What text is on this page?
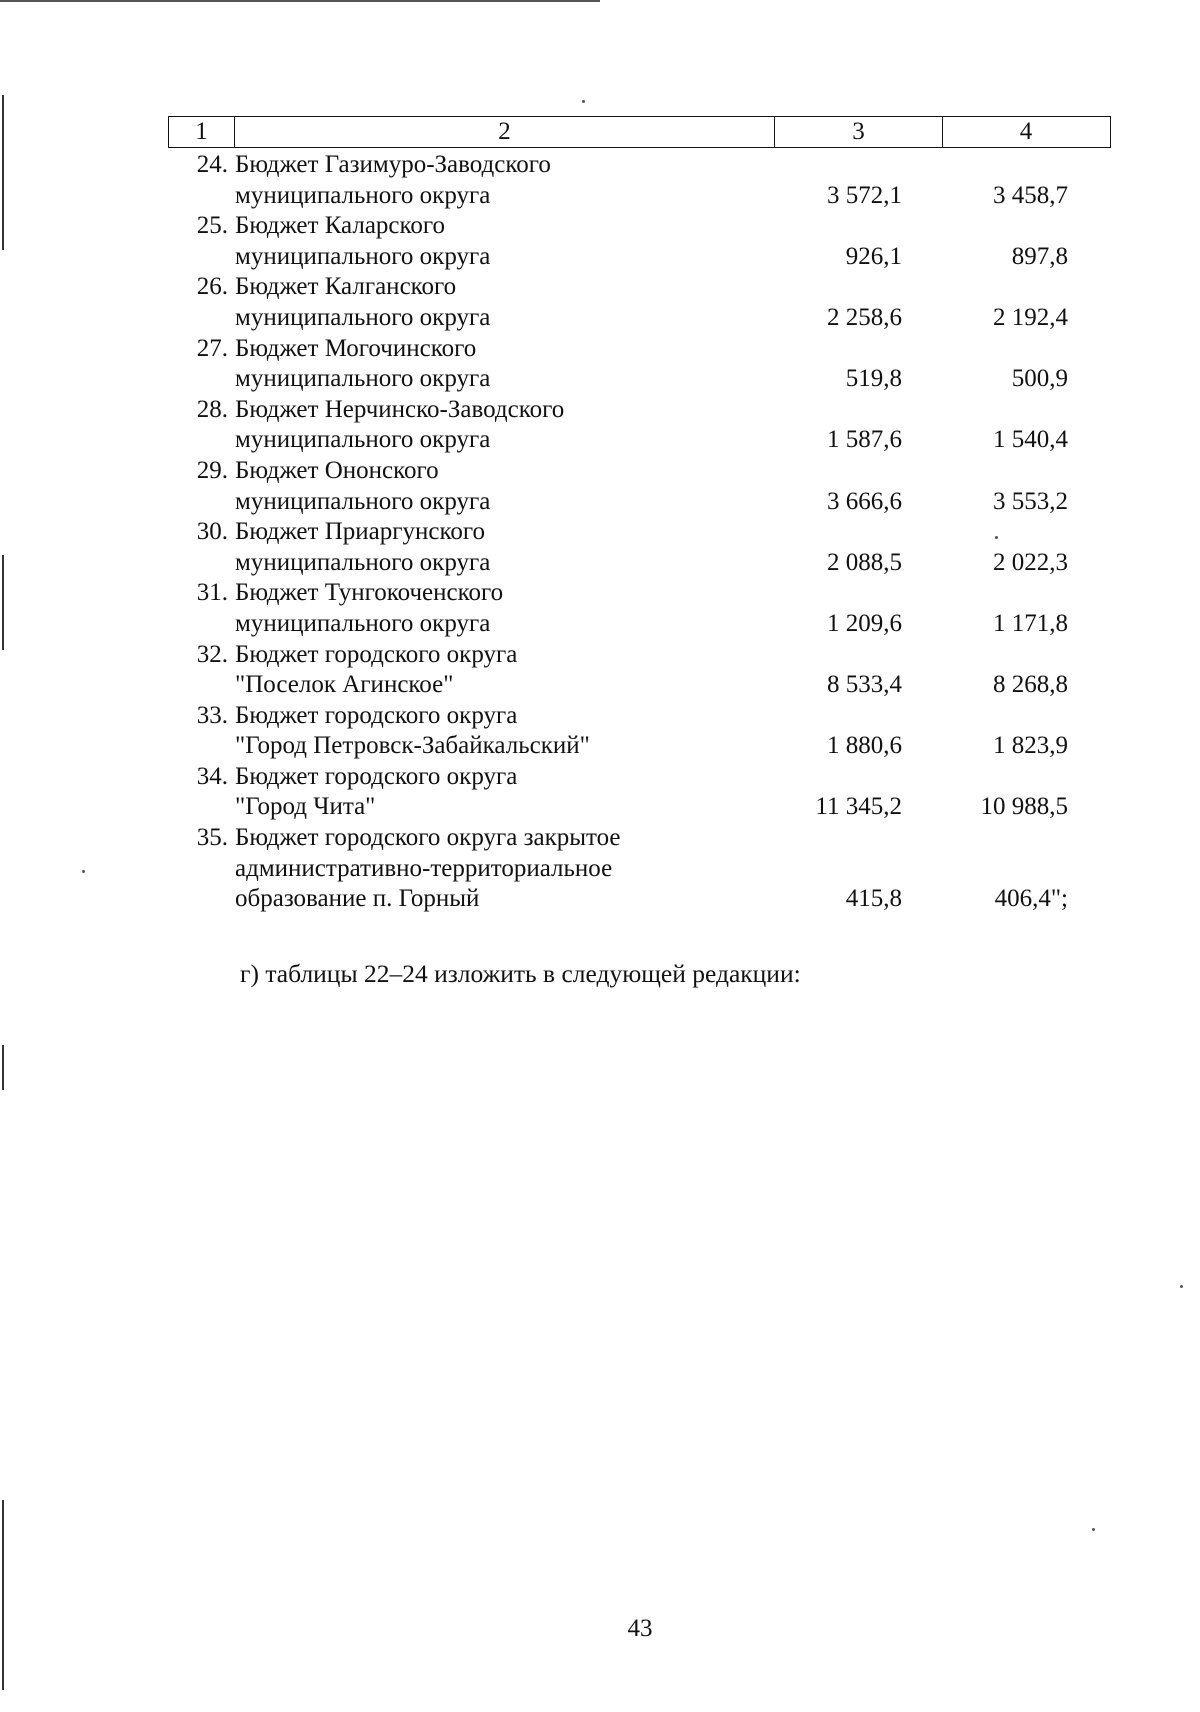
1	2	3	4
24. Бюджет Газимуро-Заводского
муниципального округа	3 572,1	3 458,7
25. Бюджет Каларского
муниципального округа	926,1	897,8
26. Бюджет Калганского
муниципального округа	2 258,6	2 192,4
27. Бюджет Могочинского
муниципального округа	519,8	500,9
28. Бюджет Нерчинско-Заводского
муниципального округа	1 587,6	1 540,4
29. Бюджет Ононского
муниципального округа	3 666,6	3 553,2
30. Бюджет Приаргунского
муниципального округа	2 088,5	2 022,3
31. Бюджет Тунгокоченского
муниципального округа	1 209,6	1 171,8
32. Бюджет городского округа
"Поселок Агинское"	8 533,4	8 268,8
33. Бюджет городского округа
"Город Петровск-Забайкальский"	1 880,6	1 823,9
34. Бюджет городского округа
"Город Чита"	11 345,2	10 988,5
35. Бюджет городского округа закрытое
административно-территориальное
образование п. Горный	415,8	406,4";
г) таблицы 22–24 изложить в следующей редакции:
43
